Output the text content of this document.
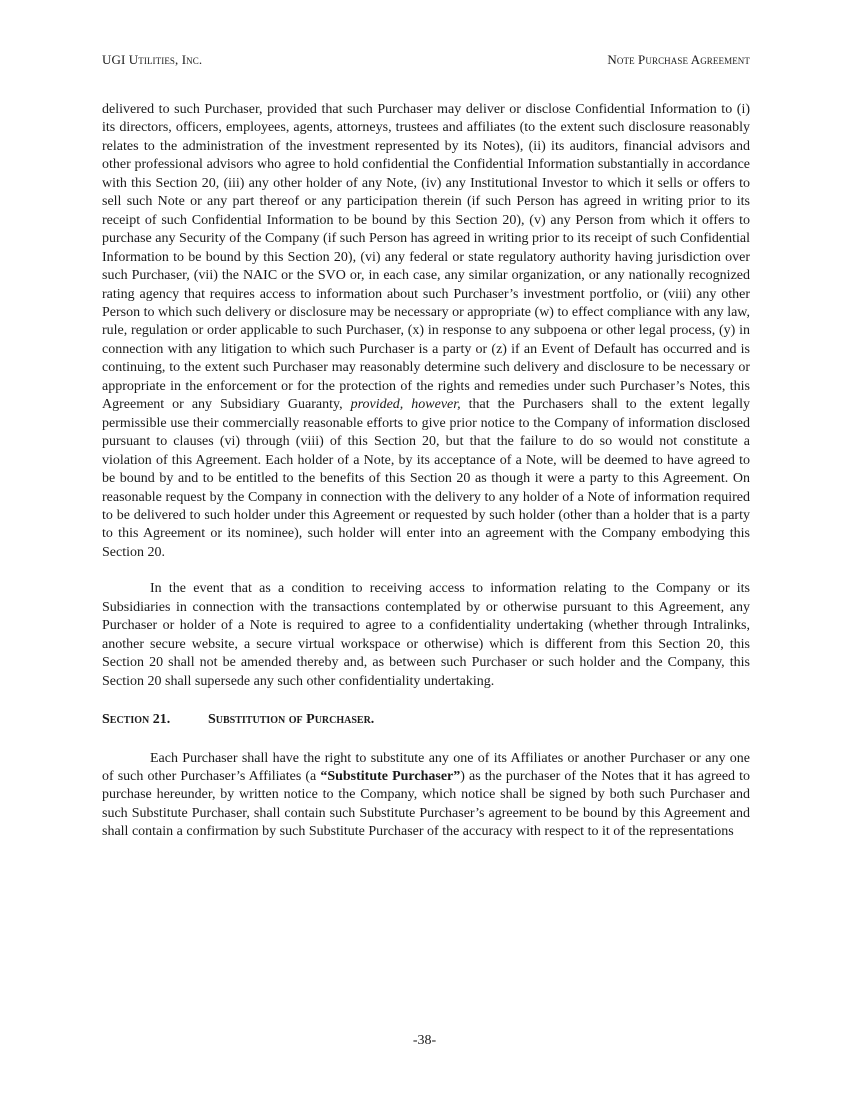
UGI Utilities, Inc.	Note Purchase Agreement

delivered to such Purchaser, provided that such Purchaser may deliver or disclose Confidential Information to (i) its directors, officers, employees, agents, attorneys, trustees and affiliates (to the extent such disclosure reasonably relates to the administration of the investment represented by its Notes), (ii) its auditors, financial advisors and other professional advisors who agree to hold confidential the Confidential Information substantially in accordance with this Section 20, (iii) any other holder of any Note, (iv) any Institutional Investor to which it sells or offers to sell such Note or any part thereof or any participation therein (if such Person has agreed in writing prior to its receipt of such Confidential Information to be bound by this Section 20), (v) any Person from which it offers to purchase any Security of the Company (if such Person has agreed in writing prior to its receipt of such Confidential Information to be bound by this Section 20), (vi) any federal or state regulatory authority having jurisdiction over such Purchaser, (vii) the NAIC or the SVO or, in each case, any similar organization, or any nationally recognized rating agency that requires access to information about such Purchaser’s investment portfolio, or (viii) any other Person to which such delivery or disclosure may be necessary or appropriate (w) to effect compliance with any law, rule, regulation or order applicable to such Purchaser, (x) in response to any subpoena or other legal process, (y) in connection with any litigation to which such Purchaser is a party or (z) if an Event of Default has occurred and is continuing, to the extent such Purchaser may reasonably determine such delivery and disclosure to be necessary or appropriate in the enforcement or for the protection of the rights and remedies under such Purchaser’s Notes, this Agreement or any Subsidiary Guaranty, provided, however, that the Purchasers shall to the extent legally permissible use their commercially reasonable efforts to give prior notice to the Company of information disclosed pursuant to clauses (vi) through (viii) of this Section 20, but that the failure to do so would not constitute a violation of this Agreement. Each holder of a Note, by its acceptance of a Note, will be deemed to have agreed to be bound by and to be entitled to the benefits of this Section 20 as though it were a party to this Agreement. On reasonable request by the Company in connection with the delivery to any holder of a Note of information required to be delivered to such holder under this Agreement or requested by such holder (other than a holder that is a party to this Agreement or its nominee), such holder will enter into an agreement with the Company embodying this Section 20.

In the event that as a condition to receiving access to information relating to the Company or its Subsidiaries in connection with the transactions contemplated by or otherwise pursuant to this Agreement, any Purchaser or holder of a Note is required to agree to a confidentiality undertaking (whether through Intralinks, another secure website, a secure virtual workspace or otherwise) which is different from this Section 20, this Section 20 shall not be amended thereby and, as between such Purchaser or such holder and the Company, this Section 20 shall supersede any such other confidentiality undertaking.

Section 21.	Substitution of Purchaser.

Each Purchaser shall have the right to substitute any one of its Affiliates or another Purchaser or any one of such other Purchaser’s Affiliates (a “Substitute Purchaser”) as the purchaser of the Notes that it has agreed to purchase hereunder, by written notice to the Company, which notice shall be signed by both such Purchaser and such Substitute Purchaser, shall contain such Substitute Purchaser’s agreement to be bound by this Agreement and shall contain a confirmation by such Substitute Purchaser of the accuracy with respect to it of the representations

-38-
